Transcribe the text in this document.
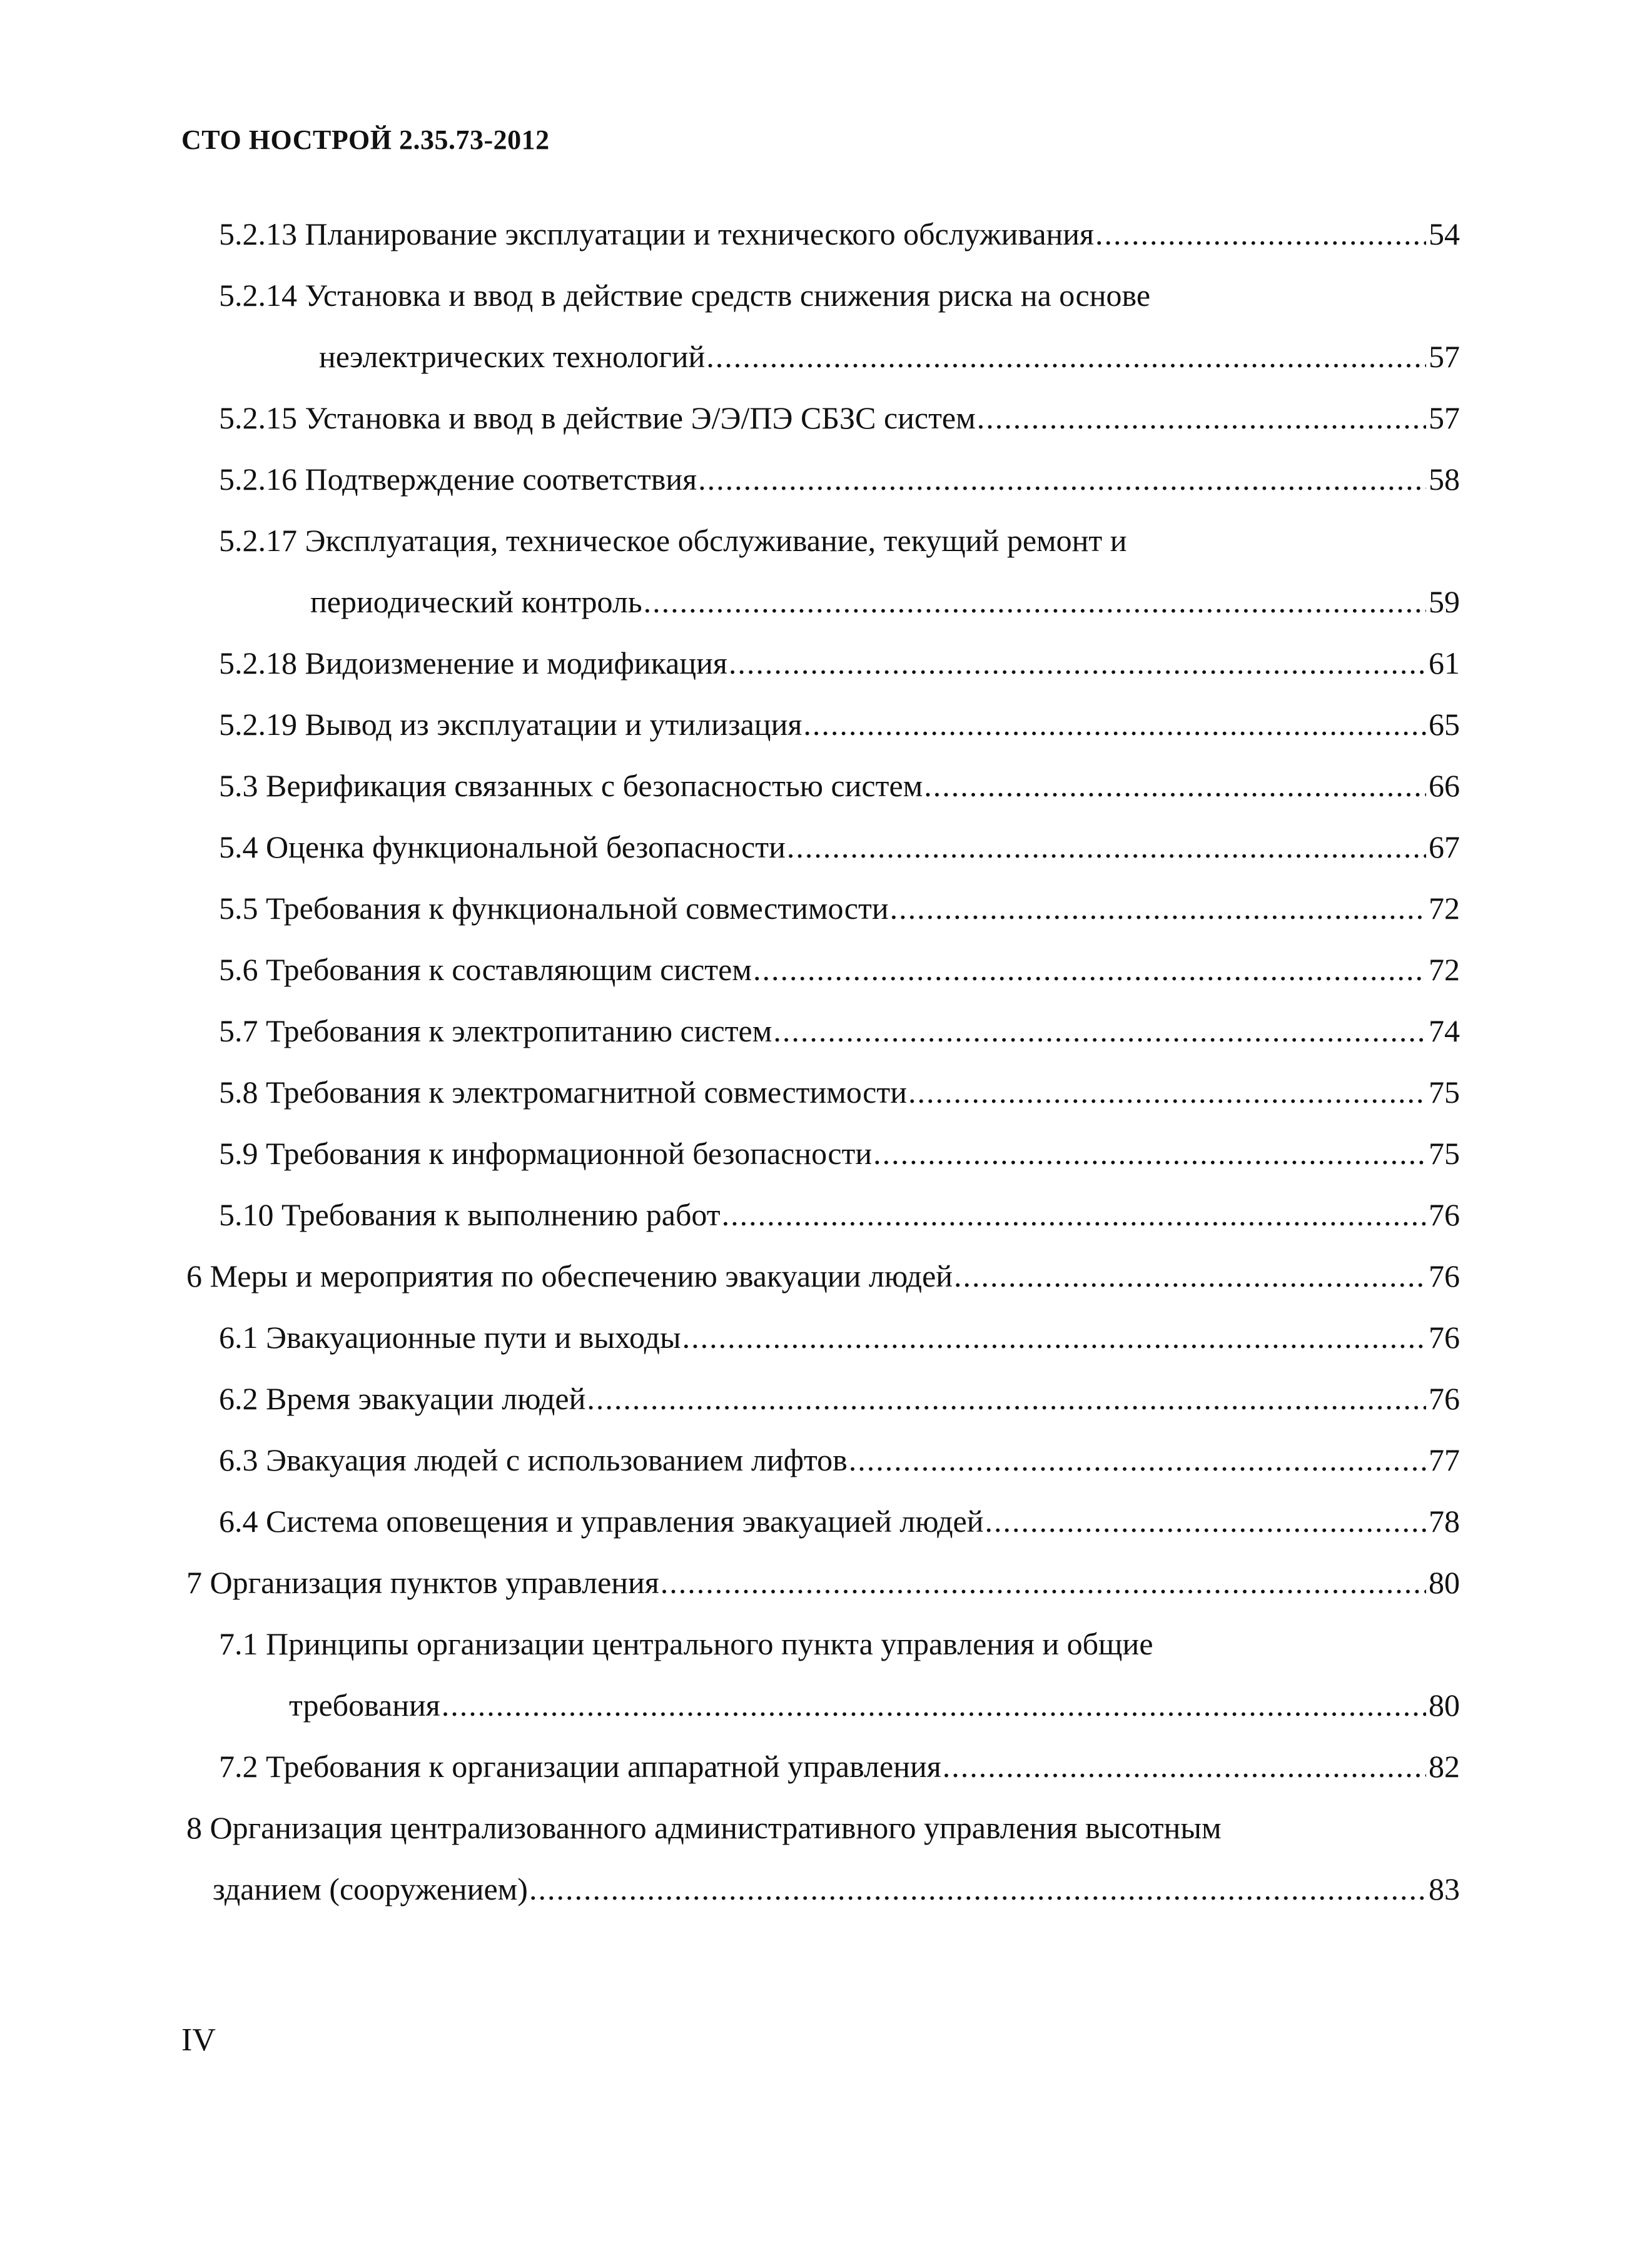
СТО НОСТРОЙ 2.35.73-2012
5.2.13 Планирование эксплуатации и технического обслуживания .....	54
5.2.14 Установка и ввод в действие средств снижения риска на основе
неэлектрических технологий .....	57
5.2.15 Установка и ввод в действие Э/Э/ПЭ СБЗС систем .....	57
5.2.16 Подтверждение соответствия .....	58
5.2.17 Эксплуатация, техническое обслуживание, текущий ремонт и
периодический контроль .....	59
5.2.18 Видоизменение и модификация .....	61
5.2.19 Вывод из эксплуатации и утилизация .....	65
5.3 Верификация связанных с безопасностью систем .....	66
5.4 Оценка функциональной безопасности .....	67
5.5 Требования к функциональной совместимости .....	72
5.6 Требования к составляющим систем .....	72
5.7 Требования к электропитанию систем .....	74
5.8 Требования к электромагнитной совместимости .....	75
5.9 Требования к информационной безопасности .....	75
5.10 Требования к выполнению работ .....	76
6 Меры и мероприятия по обеспечению эвакуации людей .....	76
6.1 Эвакуационные пути и выходы .....	76
6.2 Время эвакуации людей .....	76
6.3 Эвакуация людей с использованием лифтов .....	77
6.4 Система оповещения и управления эвакуацией людей .....	78
7 Организация пунктов управления .....	80
7.1 Принципы организации центрального пункта управления и общие
требования .....	80
7.2 Требования к организации аппаратной управления .....	82
8 Организация централизованного административного управления высотным
зданием (сооружением) .....	83
IV
